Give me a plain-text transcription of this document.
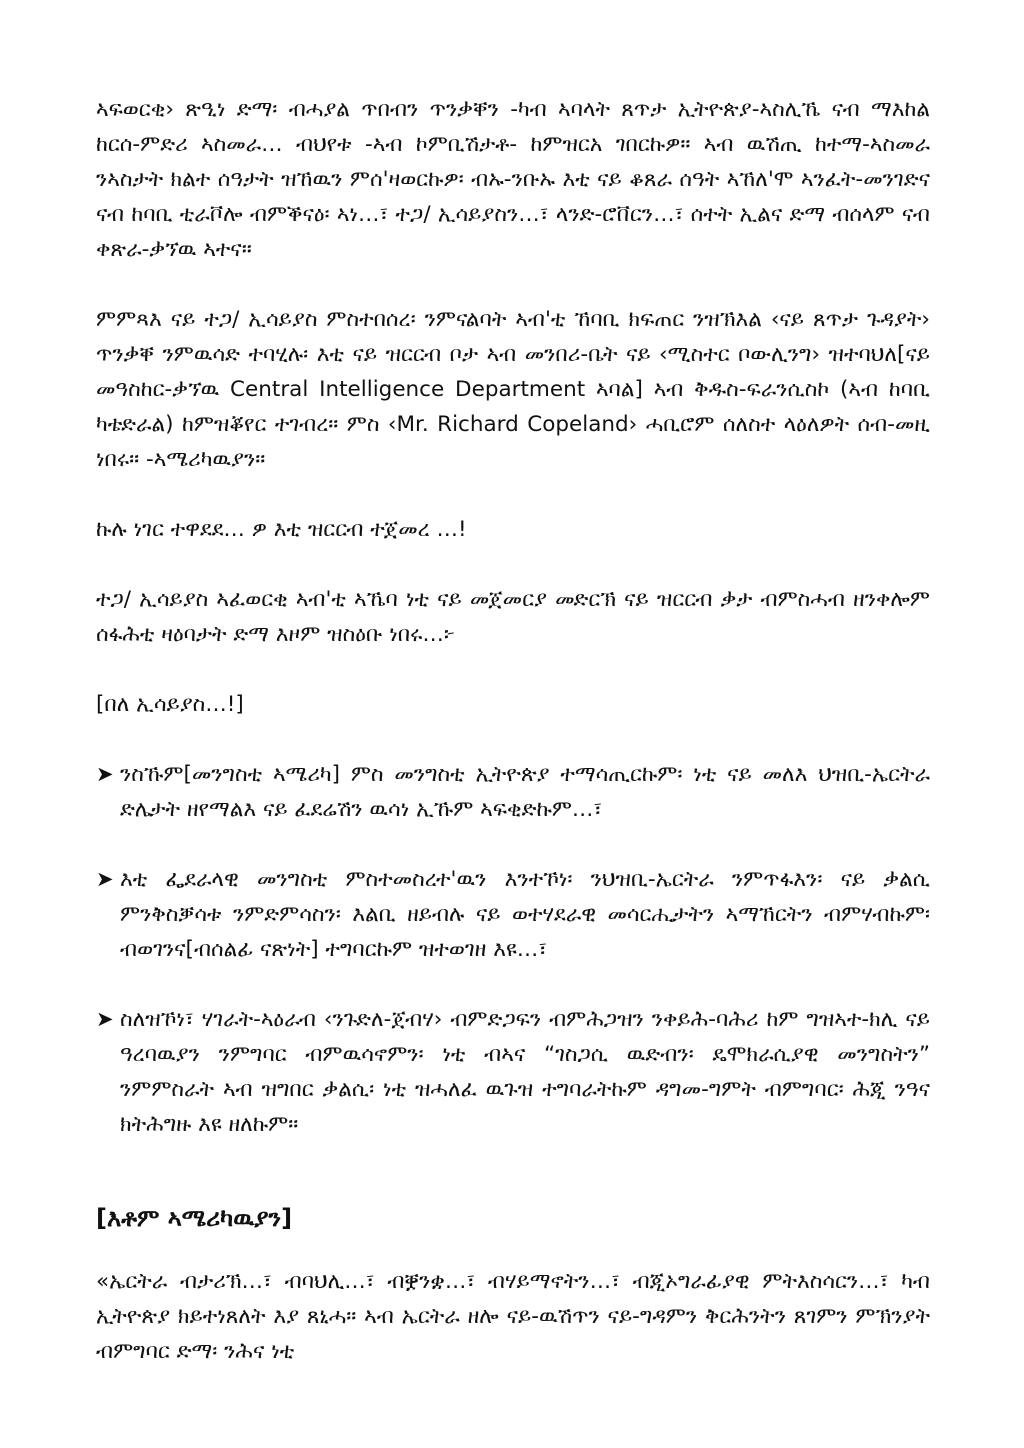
ኣፍወርቂ› ጽዒነ ድማ፡ ብሓያል ጥበብን ጥንቃቐን -ካብ ኣባላት ጸጥታ ኢትዮጵያ-ኣስሊኼ ናብ ማእከል ከርሰ-ምድሪ ኣስመራ… ብህየቱ -ኣብ ኮምቢሽታቶ- ከምዝርአ ገበርኩዎ። ኣብ ዉሽጢ ከተማ-ኣስመራ ንኣስታት ክልተ ሰዓታት ዝኸዉን ምሰ'ዛወርኩዎ፡ ብኡ-ንቡኡ እቲ ናይ ቆጸራ ሰዓት ኣኸለ'ሞ ኣንፈት-መንገድና ናብ ከባቢ ቲራቮሎ ብምቕናዕ፡ ኣነ…፣ ተጋ/ ኢሳይያስን…፣ ላንድ-ሮቨርን…፣ ሰተት ኢልና ድማ ብሰላም ናብ ቀጽራ-ቃኘዉ ኣተና።

ምምጻእ ናይ ተጋ/ ኢሳይያስ ምስተበሰረ፡ ንምናልባት ኣብ'ቲ ኸባቢ ክፍጠር ንዝኽእል ‹ናይ ጸጥታ ጉዳያት› ጥንቃቐ ንምዉሳድ ተባሂሉ፡ እቲ ናይ ዝርርብ ቦታ ኣብ መንበሪ-ቤት ናይ ‹ሚስተር ቦውሊንግ› ዝተባህለ[ናይ መዓስከር-ቃኘዉ Central Intelligence Department ኣባል] ኣብ ቅዱስ-ፍራንሲስኮ (ኣብ ከባቢ ካቴድራል) ከምዝቖየር ተገብረ። ምስ ‹Mr. Richard Copeland› ሓቢሮም ሰለስተ ላዕለዎት ሰብ-መዚ ነበሩ። -ኣሜሪካዉያን።

ኩሉ ነገር ተዋደደ… ዎ እቲ ዝርርብ ተጀመረ …!

ተጋ/ ኢሳይያስ ኣፈወርቂ ኣብ'ቲ ኣኼባ ነቲ ናይ መጀመርያ መድርኽ ናይ ዝርርብ ቃታ ብምስሓብ ዘንቀሎም ሰፋሕቲ ዛዕባታት ድማ እዞም ዝስዕቡ ነበሩ…፦

[በለ ኢሳይያስ…!]

➤ ንስኹም[መንግስቲ ኣሜሪካ] ምስ መንግስቲ ኢትዮጵያ ተማሳጢርኩም፡ ነቲ ናይ መለእ ህዝቢ-ኤርትራ ድሌታት ዘየማልእ ናይ ፈደሬሽን ዉሳነ ኢኹም ኣፍቂድኩም…፣
➤ እቲ ፌደራላዊ መንግስቲ ምስተመስረተ'ዉን እንተኾነ፡ ንህዝቢ-ኤርትራ ንምጥፋእን፡ ናይ ቃልሲ ምንቅስቓሳቱ ንምድምሳስን፡ እልቢ ዘይብሉ ናይ ወተሃደራዊ መሳርሒታትን ኣማኸርትን ብምሃብኩም፡ ብወገንና[ብሰልፊ ናጽነት] ተግባርኩም ዝተወገዘ እዩ…፣
➤ ስለዝኾነ፣ ሃገራት-ኣዕራብ ‹ንጉድለ-ጀብሃ› ብምድጋፍን ብምሕጋዝን ንቀይሕ-ባሕሪ ከም ግዝኣተ-ክሊ ናይ ዓረባዉያን ንምግባር ብምዉሳኖምን፡ ነቲ ብኣና “ገስጋሲ ዉድብን፡ ዴሞክራሲያዊ መንግስትን” ንምምስራት ኣብ ዝግበር ቃልሲ፡ ነቲ ዝሓለፈ ዉጉዝ ተግባራትኩም ዳግመ-ግምት ብምግባር፡ ሕጂ ንዓና ክትሕግዙ እዩ ዘለኩም።
[እቶም ኣሜሪካዉያን]

«ኤርትራ ብታሪኽ…፣ ብባህሊ…፣ ብቛንቋ…፣ ብሃይማኖትን…፣ ብጂኦግራፊያዊ ምትእስሳርን…፣ ካብ ኢትዮጵያ ክይተነጸለት እያ ጸኒሓ። ኣብ ኤርትራ ዘሎ ናይ-ዉሽጥን ናይ-ግዳምን ቅርሕንትን ጸገምን ምኽንያት ብምግባር ድማ፡ ንሕና ነቲ
